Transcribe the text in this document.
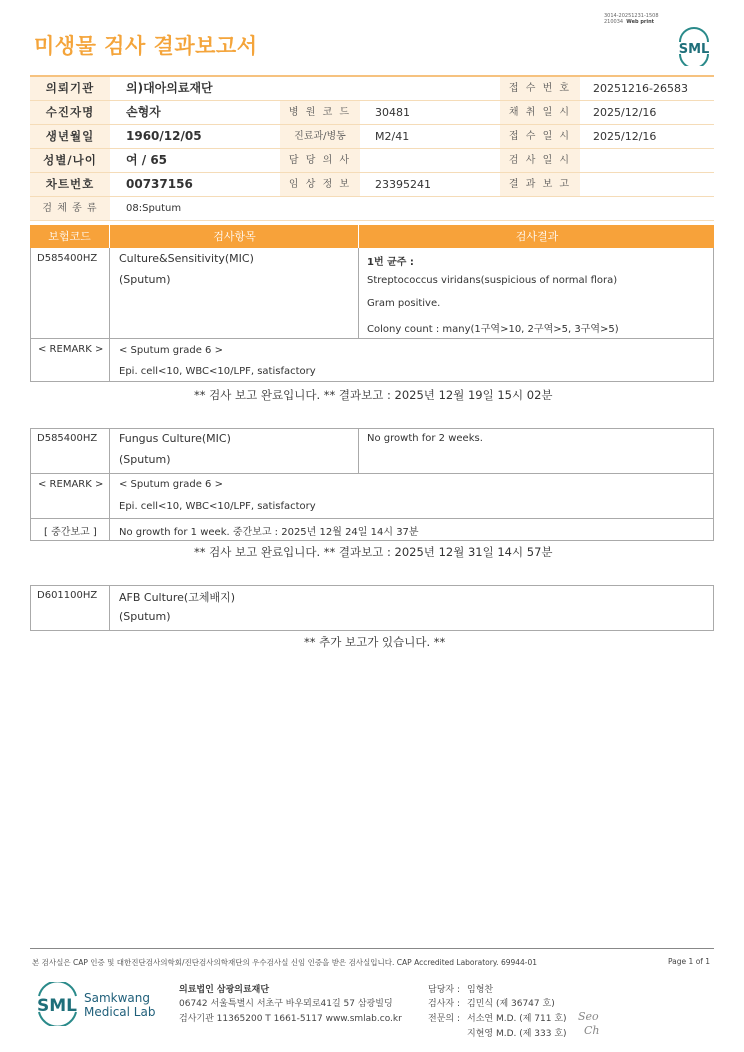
미생물 검사 결과보고서
3014-20251231-1508
210034 Web print
SML
의뢰기관	의)대아의료재단	접 수 번 호	20251216-26583
수진자명	손형자	병 원 코 드	30481	채 취 일 시	2025/12/16
생년월일	1960/12/05	진료과/병동	M2/41	접 수 일 시	2025/12/16
성별/나이	여 / 65	담 당 의 사	검 사 일 시
차트번호	00737156	임 상 정 보	23395241	결 과 보 고
검 체 종 류	08:Sputum
보험코드	검사항목	검사결과
D585400HZ Culture&Sensitivity(MIC)
(Sputum)
1번 균주 :
Streptococcus viridans(suspicious of normal flora)
Gram positive.
Colony count : many(1구역>10, 2구역>5, 3구역>5)
< REMARK > < Sputum grade 6 >
Epi. cell<10, WBC<10/LPF, satisfactory
** 검사 보고 완료입니다. ** 결과보고 : 2025년 12월 19일 15시 02분
D585400HZ Fungus Culture(MIC)
(Sputum)
No growth for 2 weeks.
< REMARK > < Sputum grade 6 >
Epi. cell<10, WBC<10/LPF, satisfactory
[ 중간보고 ] No growth for 1 week. 중간보고 : 2025년 12월 24일 14시 37분
** 검사 보고 완료입니다. ** 결과보고 : 2025년 12월 31일 14시 57분
D601100HZ AFB Culture(고체배지)
(Sputum)
** 추가 보고가 있습니다. **
본 검사실은 CAP 인증 및 대한진단검사의학회/진단검사의학재단의 우수검사실 신임 인증을 받은 검사실입니다. CAP Accredited Laboratory. 69944-01	Page 1 of 1
SML Samkwang
Medical Lab
의료법인 삼광의료재단
06742 서울특별시 서초구 바우뫼로41길 57 삼광빌딩
검사기관 11365200 T 1661-5117 www.smlab.co.kr
담당자 : 임형찬
검사자 : 김민식 (제 36747 호)
전문의 : 서소연 M.D. (제 711 호)
지현영 M.D. (제 333 호)
Seo
Ch
